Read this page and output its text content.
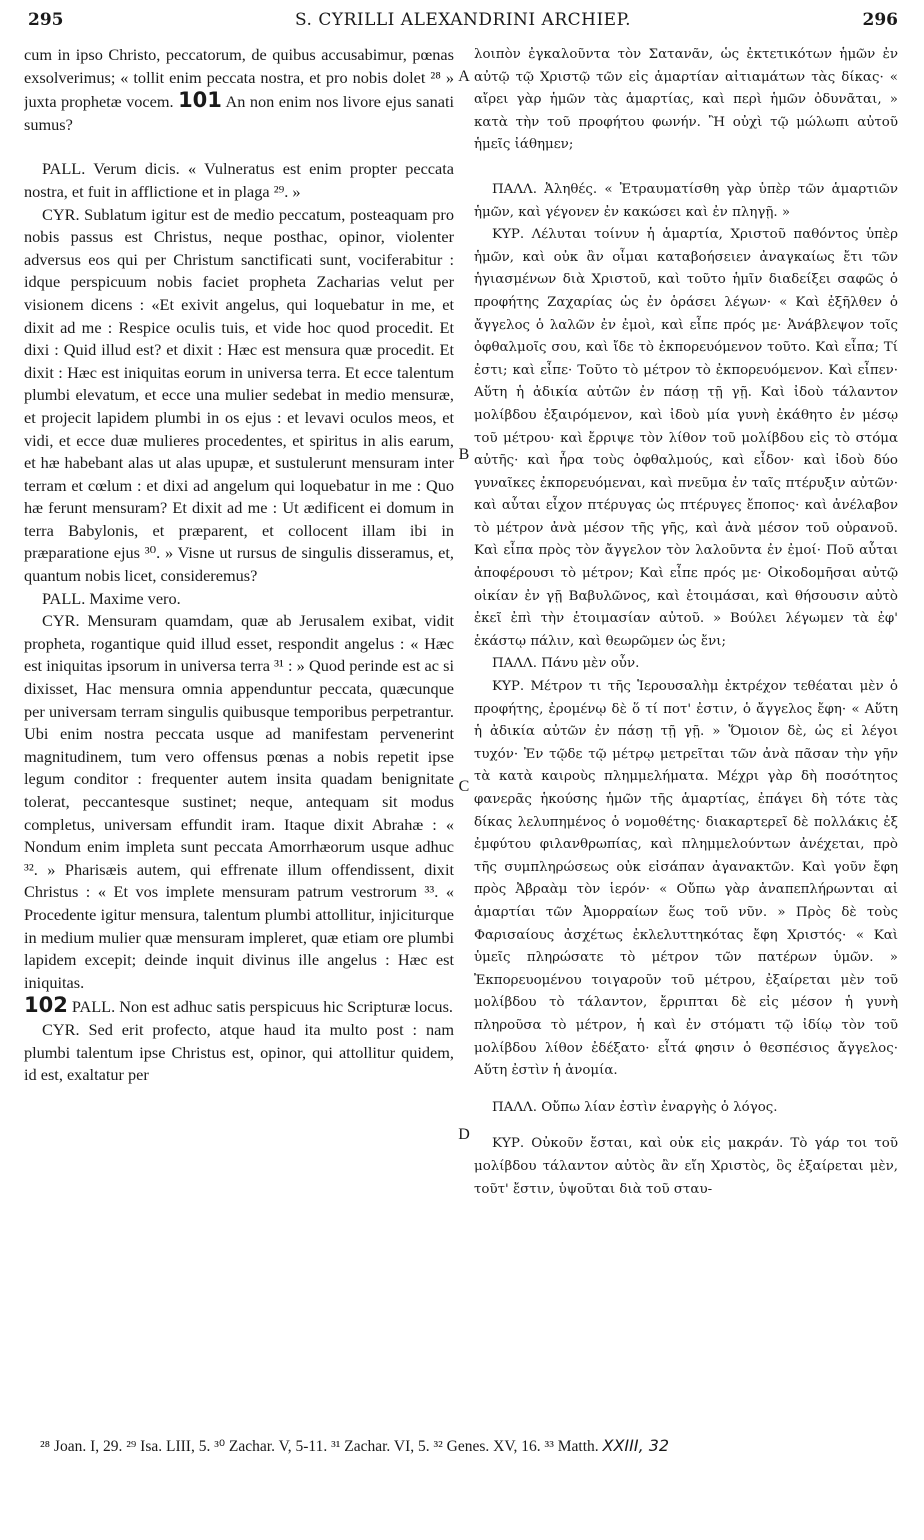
295	S. CYRILLI ALEXANDRINI ARCHIEP.	296

cum in ipso Christo, peccatorum, de quibus accusabimur, pœnas exsolverimus; « tollit enim peccata nostra, et pro nobis dolet ²⁸ » juxta prophetæ vocem. 101 An non enim nos livore ejus sanati sumus?

PALL. Verum dicis. « Vulneratus est enim propter peccata nostra, et fuit in afflictione et in plaga ²⁹. »

CYR. Sublatum igitur est de medio peccatum, posteaquam pro nobis passus est Christus, neque posthac, opinor, violenter adversus eos qui per Christum sanctificati sunt, vociferabitur : idque perspicuum nobis faciet propheta Zacharias velut per visionem dicens : «Et exivit angelus, qui loquebatur in me, et dixit ad me : Respice oculis tuis, et vide hoc quod procedit. Et dixi : Quid illud est? et dixit : Hæc est mensura quæ procedit. Et dixit : Hæc est iniquitas eorum in universa terra. Et ecce talentum plumbi elevatum, et ecce una mulier sedebat in medio mensuræ, et projecit lapidem plumbi in os ejus : et levavi oculos meos, et vidi, et ecce duæ mulieres procedentes, et spiritus in alis earum, et hæ habebant alas ut alas upupæ, et sustulerunt mensuram inter terram et cœlum : et dixi ad angelum qui loquebatur in me : Quo hæ ferunt mensuram? Et dixit ad me : Ut ædificent ei domum in terra Babylonis, et præparent, et collocent illam ibi in præparatione ejus ³⁰. » Visne ut rursus de singulis disseramus, et, quantum nobis licet, consideremus?

PALL. Maxime vero.

CYR. Mensuram quamdam, quæ ab Jerusalem exibat, vidit propheta, rogantique quid illud esset, respondit angelus : « Hæc est iniquitas ipsorum in universa terra ³¹ : » Quod perinde est ac si dixisset, Hac mensura omnia appenduntur peccata, quæcunque per universam terram singulis quibusque temporibus perpetrantur. Ubi enim nostra peccata usque ad manifestam pervenerint magnitudinem, tum vero offensus pœnas a nobis repetit ipse legum conditor : frequenter autem insita quadam benignitate tolerat, peccantesque sustinet; neque, antequam sit modus completus, universam effundit iram. Itaque dixit Abrahæ : « Nondum enim impleta sunt peccata Amorrhæorum usque adhuc ³². » Pharisæis autem, qui effrenate illum offendissent, dixit Christus : « Et vos implete mensuram patrum vestrorum ³³. « Procedente igitur mensura, talentum plumbi attollitur, injiciturque in medium mulier quæ mensuram impleret, quæ etiam ore plumbi lapidem excepit; deinde inquit divinus ille angelus : Hæc est iniquitas.

102 PALL. Non est adhuc satis perspicuus hic Scripturæ locus.

CYR. Sed erit profecto, atque haud ita multo post : nam plumbi talentum ipse Christus est, opinor, qui attollitur quidem, id est, exaltatur per

A
B
C
D

λοιπὸν ἐγκαλοῦντα τὸν Σατανᾶν, ὡς ἐκτετικότων ἡμῶν ἐν αὐτῷ τῷ Χριστῷ τῶν εἰς ἁμαρτίαν αἰτιαμάτων τὰς δίκας· « αἴρει γὰρ ἡμῶν τὰς ἁμαρτίας, καὶ περὶ ἡμῶν ὀδυνᾶται, » κατὰ τὴν τοῦ προφήτου φωνήν. Ἢ οὐχὶ τῷ μώλωπι αὐτοῦ ἡμεῖς ἰάθημεν;

ΠΑΛΛ. Ἀληθές. « Ἐτραυματίσθη γὰρ ὑπὲρ τῶν ἁμαρτιῶν ἡμῶν, καὶ γέγονεν ἐν κακώσει καὶ ἐν πληγῇ. »

ΚΥΡ. Λέλυται τοίνυν ἡ ἁμαρτία, Χριστοῦ παθόντος ὑπὲρ ἡμῶν, καὶ οὐκ ἂν οἶμαι καταβοήσειεν ἀναγκαίως ἔτι τῶν ἡγιασμένων διὰ Χριστοῦ, καὶ τοῦτο ἡμῖν διαδείξει σαφῶς ὁ προφήτης Ζαχαρίας ὡς ἐν ὁράσει λέγων· « Καὶ ἐξῆλθεν ὁ ἄγγελος ὁ λαλῶν ἐν ἐμοὶ, καὶ εἶπε πρός με· Ἀνάβλεψον τοῖς ὀφθαλμοῖς σου, καὶ ἴδε τὸ ἐκπορευόμενον τοῦτο. Καὶ εἶπα; Τί ἐστι; καὶ εἶπε· Τοῦτο τὸ μέτρον τὸ ἐκπορευόμενον. Καὶ εἶπεν· Αὕτη ἡ ἀδικία αὐτῶν ἐν πάσῃ τῇ γῇ. Καὶ ἰδοὺ τάλαντον μολίβδου ἐξαιρόμενον, καὶ ἰδοὺ μία γυνὴ ἐκάθητο ἐν μέσῳ τοῦ μέτρου· καὶ ἔρριψε τὸν λίθον τοῦ μολίβδου εἰς τὸ στόμα αὐτῆς· καὶ ἦρα τοὺς ὀφθαλμούς, καὶ εἶδον· καὶ ἰδοὺ δύο γυναῖκες ἐκπορευόμεναι, καὶ πνεῦμα ἐν ταῖς πτέρυξιν αὐτῶν· καὶ αὗται εἶχον πτέρυγας ὡς πτέρυγες ἔποπος· καὶ ἀνέλαβον τὸ μέτρον ἀνὰ μέσον τῆς γῆς, καὶ ἀνὰ μέσον τοῦ οὐρανοῦ. Καὶ εἶπα πρὸς τὸν ἄγγελον τὸν λαλοῦντα ἐν ἐμοί· Ποῦ αὗται ἀποφέρουσι τὸ μέτρον; Καὶ εἶπε πρός με· Οἰκοδομῆσαι αὐτῷ οἰκίαν ἐν γῇ Βαβυλῶνος, καὶ ἑτοιμάσαι, καὶ θήσουσιν αὐτὸ ἐκεῖ ἐπὶ τὴν ἑτοιμασίαν αὐτοῦ. » Βούλει λέγωμεν τὰ ἐφ' ἑκάστῳ πάλιν, καὶ θεωρῶμεν ὡς ἔνι;

ΠΑΛΛ. Πάνυ μὲν οὖν.

ΚΥΡ. Μέτρον τι τῆς Ἱερουσαλὴμ ἐκτρέχον τεθέαται μὲν ὁ προφήτης, ἐρομένῳ δὲ ὅ τί ποτ' ἐστιν, ὁ ἄγγελος ἔφη· « Αὕτη ἡ ἀδικία αὐτῶν ἐν πάσῃ τῇ γῇ. » Ὅμοιον δὲ, ὡς εἰ λέγοι τυχόν· Ἐν τῷδε τῷ μέτρῳ μετρεῖται τῶν ἀνὰ πᾶσαν τὴν γῆν τὰ κατὰ καιροὺς πλημμελήματα. Μέχρι γὰρ δὴ ποσότητος φανερᾶς ἡκούσης ἡμῶν τῆς ἁμαρτίας, ἐπάγει δὴ τότε τὰς δίκας λελυπημένος ὁ νομοθέτης· διακαρτερεῖ δὲ πολλάκις ἐξ ἐμφύτου φιλανθρωπίας, καὶ πλημμελούντων ἀνέχεται, πρὸ τῆς συμπληρώσεως οὐκ εἰσάπαν ἀγανακτῶν. Καὶ γοῦν ἔφη πρὸς Ἀβραὰμ τὸν ἱερόν· « Οὔπω γὰρ ἀναπεπλήρωνται αἱ ἁμαρτίαι τῶν Ἀμορραίων ἕως τοῦ νῦν. » Πρὸς δὲ τοὺς Φαρισαίους ἀσχέτως ἐκλελυττηκότας ἔφη Χριστός· « Καὶ ὑμεῖς πληρώσατε τὸ μέτρον τῶν πατέρων ὑμῶν. » Ἐκπορευομένου τοιγαροῦν τοῦ μέτρου, ἐξαίρεται μὲν τοῦ μολίβδου τὸ τάλαντον, ἔρριπται δὲ εἰς μέσον ἡ γυνὴ πληροῦσα τὸ μέτρον, ἡ καὶ ἐν στόματι τῷ ἰδίῳ τὸν τοῦ μολίβδου λίθον ἐδέξατο· εἶτά φησιν ὁ θεσπέσιος ἄγγελος· Αὕτη ἐστὶν ἡ ἀνομία.

ΠΑΛΛ. Οὔπω λίαν ἐστὶν ἐναργὴς ὁ λόγος.

ΚΥΡ. Οὐκοῦν ἔσται, καὶ οὐκ εἰς μακράν. Τὸ γάρ τοι τοῦ μολίβδου τάλαντον αὐτὸς ἂν εἴη Χριστὸς, ὃς ἐξαίρεται μὲν, τοῦτ' ἔστιν, ὑψοῦται διὰ τοῦ σταυ-

²⁸ Joan. I, 29. ²⁹ Isa. LIII, 5. ³⁰ Zachar. V, 5-11. ³¹ Zachar. VI, 5. ³² Genes. XV, 16. ³³ Matth. XXIII, 32
